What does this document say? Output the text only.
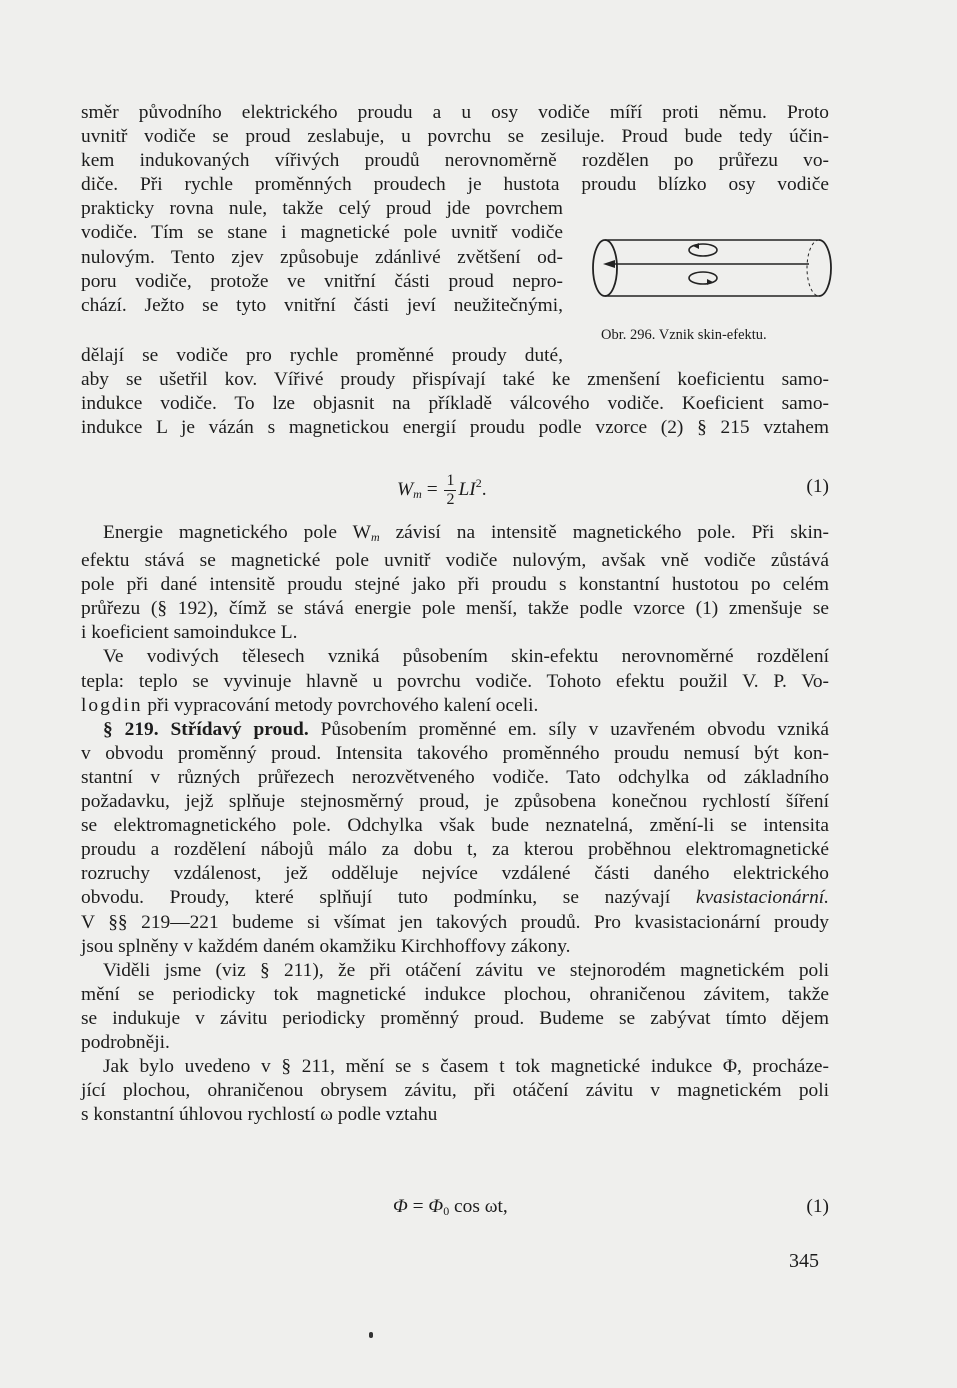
směr původního elektrického proudu a u osy vodiče míří proti němu. Proto
uvnitř vodiče se proud zeslabuje, u povrchu se zesiluje. Proud bude tedy účin-
kem indukovaných vířivých proudů nerovnoměrně rozdělen po průřezu vo-
diče. Při rychle proměnných proudech je hustota proudu blízko osy vodiče
prakticky rovna nule, takže celý proud jde povrchem
vodiče. Tím se stane i magnetické pole uvnitř vodiče
nulovým. Tento zjev způsobuje zdánlivé zvětšení od-
poru vodiče, protože ve vnitřní části proud nepro-
chází. Ježto se tyto vnitřní části jeví neužitečnými,
Obr. 296. Vznik skin-efektu.
dělají se vodiče pro rychle proměnné proudy duté,
aby se ušetřil kov. Vířivé proudy přispívají také ke zmenšení koeficientu samo-
indukce vodiče. To lze objasnit na příkladě válcového vodiče. Koeficient samo-
indukce L je vázán s magnetickou energií proudu podle vzorce (2) § 215 vztahem
$W_m = \frac{1}{2} LI^2$.	(1)
Energie magnetického pole $W_m$ závisí na intensitě magnetického pole. Při skin-
efektu stává se magnetické pole uvnitř vodiče nulovým, avšak vně vodiče zůstává
pole při dané intensitě proudu stejné jako při proudu s konstantní hustotou po celém
průřezu (§ 192), čímž se stává energie pole menší, takže podle vzorce (1) zmenšuje se
i koeficient samoindukce L.
Ve vodivých tělesech vzniká působením skin-efektu nerovnoměrné rozdělení
tepla: teplo se vyvinuje hlavně u povrchu vodiče. Tohoto efektu použil V. P. Vo-
logdin při vypracování metody povrchového kalení oceli.
§ 219. Střídavý proud. Působením proměnné em. síly v uzavřeném obvodu vzniká
v obvodu proměnný proud. Intensita takového proměnného proudu nemusí být kon-
stantní v různých průřezech nerozvětveného vodiče. Tato odchylka od základního
požadavku, jejž splňuje stejnosměrný proud, je způsobena konečnou rychlostí šíření
se elektromagnetického pole. Odchylka však bude neznatelná, změní-li se intensita
proudu a rozdělení nábojů málo za dobu t, za kterou proběhnou elektromagnetické
rozruchy vzdálenost, jež odděluje nejvíce vzdálené části daného elektrického
obvodu. Proudy, které splňují tuto podmínku, se nazývají kvasistacionární.
V §§ 219—221 budeme si všímat jen takových proudů. Pro kvasistacionární proudy
jsou splněny v každém daném okamžiku Kirchhoffovy zákony.
Viděli jsme (viz § 211), že při otáčení závitu ve stejnorodém magnetickém poli
mění se periodicky tok magnetické indukce plochou, ohraničenou závitem, takže
se indukuje v závitu periodicky proměnný proud. Budeme se zabývat tímto dějem
podrobněji.
Jak bylo uvedeno v § 211, mění se s časem t tok magnetické indukce Φ, procháze-
jící plochou, ohraničenou obrysem závitu, při otáčení závitu v magnetickém poli
s konstantní úhlovou rychlostí ω podle vztahu
$\Phi = \Phi_0$ cos ωt,	(1)
345
